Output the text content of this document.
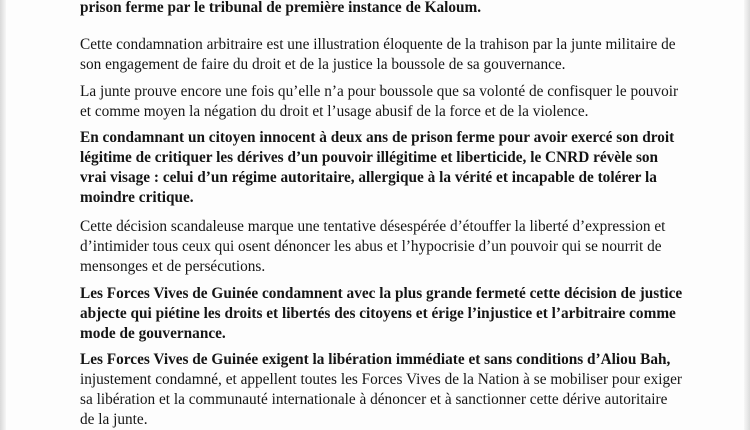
prison ferme par le tribunal de première instance de Kaloum.

Cette condamnation arbitraire est une illustration éloquente de la trahison par la junte militaire de
son engagement de faire du droit et de la justice la boussole de sa gouvernance.

La junte prouve encore une fois qu’elle n’a pour boussole que sa volonté de confisquer le pouvoir
et comme moyen la négation du droit et l’usage abusif de la force et de la violence.

En condamnant un citoyen innocent à deux ans de prison ferme pour avoir exercé son droit
légitime de critiquer les dérives d’un pouvoir illégitime et liberticide, le CNRD révèle son
vrai visage : celui d’un régime autoritaire, allergique à la vérité et incapable de tolérer la
moindre critique.

Cette décision scandaleuse marque une tentative désespérée d’étouffer la liberté d’expression et
d’intimider tous ceux qui osent dénoncer les abus et l’hypocrisie d’un pouvoir qui se nourrit de
mensonges et de persécutions.

Les Forces Vives de Guinée condamnent avec la plus grande fermeté cette décision de justice
abjecte qui piétine les droits et libertés des citoyens et érige l’injustice et l’arbitraire comme
mode de gouvernance.

Les Forces Vives de Guinée exigent la libération immédiate et sans conditions d’Aliou Bah,
injustement condamné, et appellent toutes les Forces Vives de la Nation à se mobiliser pour exiger
sa libération et la communauté internationale à dénoncer et à sanctionner cette dérive autoritaire
de la junte.
